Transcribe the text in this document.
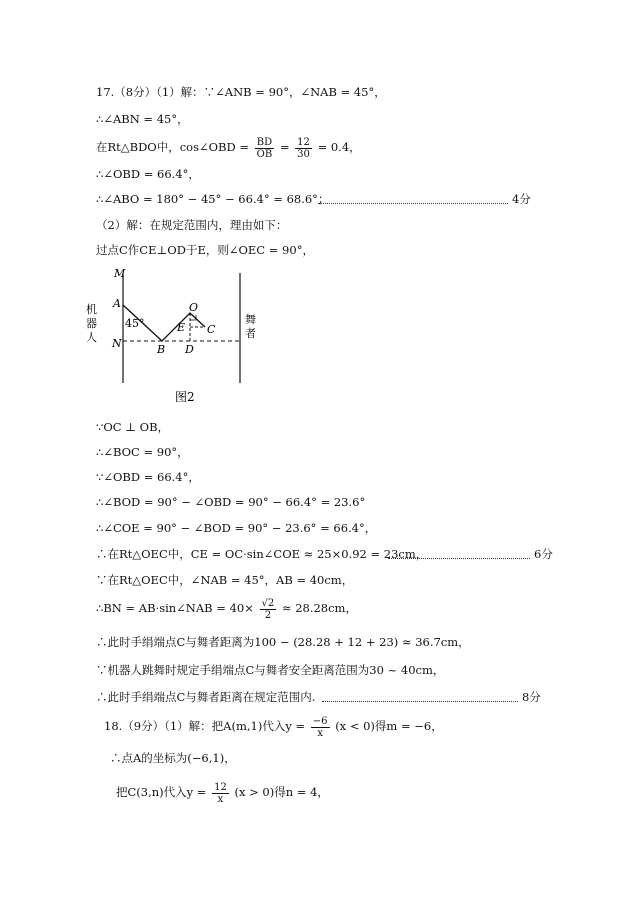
17.（8分）（1）解：∵∠ANB = 90°，∠NAB = 45°，
∴∠ABN = 45°，
在Rt△BDO中，cos∠OBD = $\frac{BD}{OB} = \frac{12}{30} = 0.4$，
∴∠OBD = 66.4°，
∴∠ABO = 180° − 45° − 66.4° = 68.6°；	4分
（2）解：在规定范围内，理由如下：
过点C作CE⊥OD于E，则∠OEC = 90°，
M
A
45°
N	B
O
E C
D
机
器
人
舞
者
图2
∵OC ⊥ OB，
∴∠BOC = 90°，
∵∠OBD = 66.4°，
∴∠BOD = 90° − ∠OBD = 90° − 66.4° = 23.6°
∴∠COE = 90° − ∠BOD = 90° − 23.6° = 66.4°，
∴在Rt△OEC中，CE = OC·sin∠COE ≈ 25×0.92 = 23cm，	6分
∵在Rt△OEC中，∠NAB = 45°，AB = 40cm，
∴BN = AB·sin∠NAB = $40\times \frac{√2}{2} \approx 28.28cm$，
∴此时手绢端点C与舞者距离为100 − (28.28 + 12 + 23) ≈ 36.7cm，
∵机器人跳舞时规定手绢端点C与舞者安全距离范围为30 ~ 40cm，
∴此时手绢端点C与舞者距离在规定范围内.	8分
18.（9分）（1）解：把A(m,1)代入$y = \frac{-6}{x} (x < 0)$得m = −6，
∴点A的坐标为(−6,1)，
把C(3,n)代入$y = \frac{12}{x} (x > 0)$得n = 4，
